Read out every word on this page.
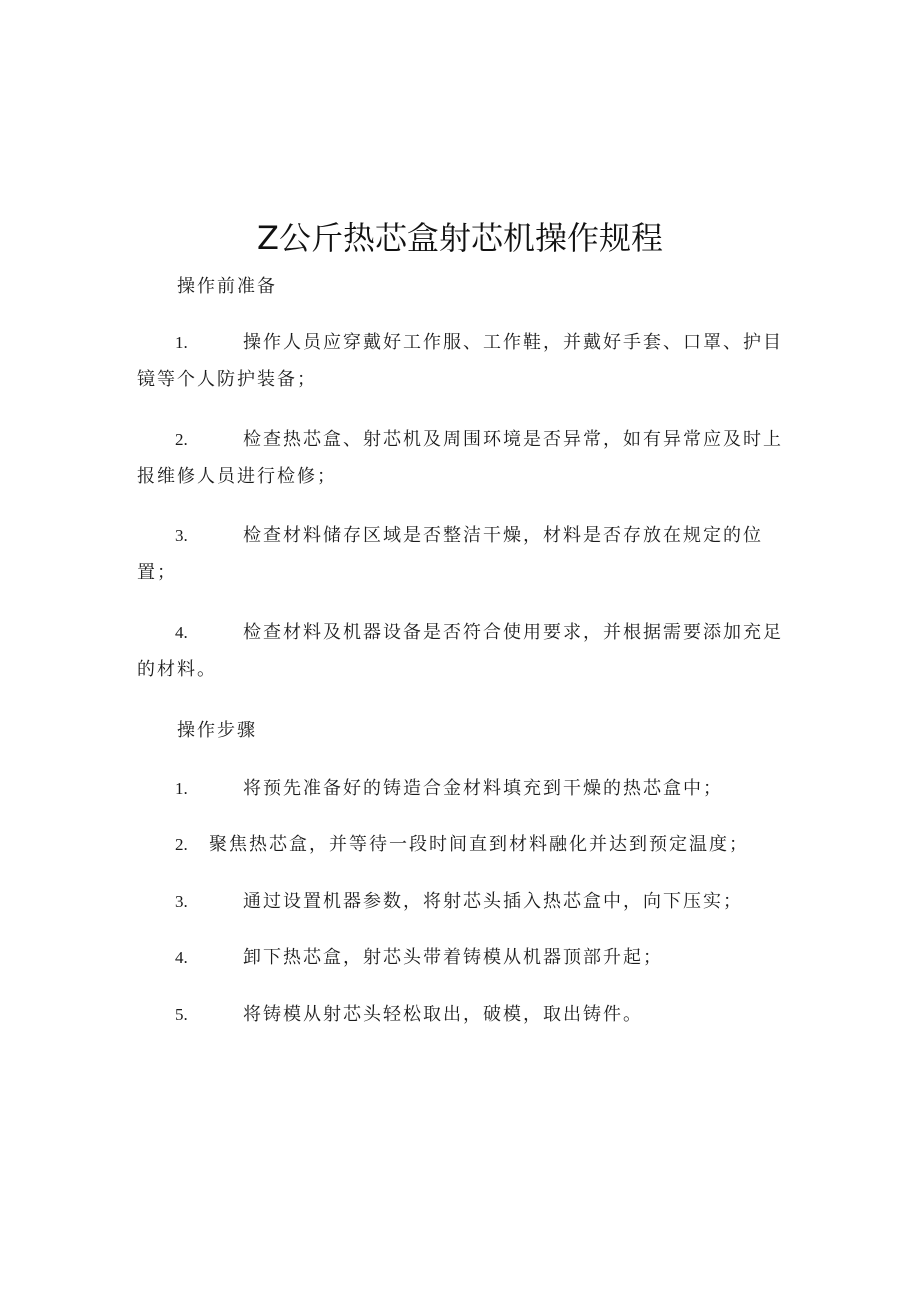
Z公斤热芯盒射芯机操作规程
操作前准备
1.	操作人员应穿戴好工作服、工作鞋，并戴好手套、口罩、护目
镜等个人防护装备；
2.	检查热芯盒、射芯机及周围环境是否异常，如有异常应及时上
报维修人员进行检修；
3.	检查材料储存区域是否整洁干燥，材料是否存放在规定的位
置；
4.	检查材料及机器设备是否符合使用要求，并根据需要添加充足
的材料。
操作步骤
1.	将预先准备好的铸造合金材料填充到干燥的热芯盒中；
2.	聚焦热芯盒，并等待一段时间直到材料融化并达到预定温度；
3.	通过设置机器参数，将射芯头插入热芯盒中，向下压实；
4.	卸下热芯盒，射芯头带着铸模从机器顶部升起；
5.	将铸模从射芯头轻松取出，破模，取出铸件。
